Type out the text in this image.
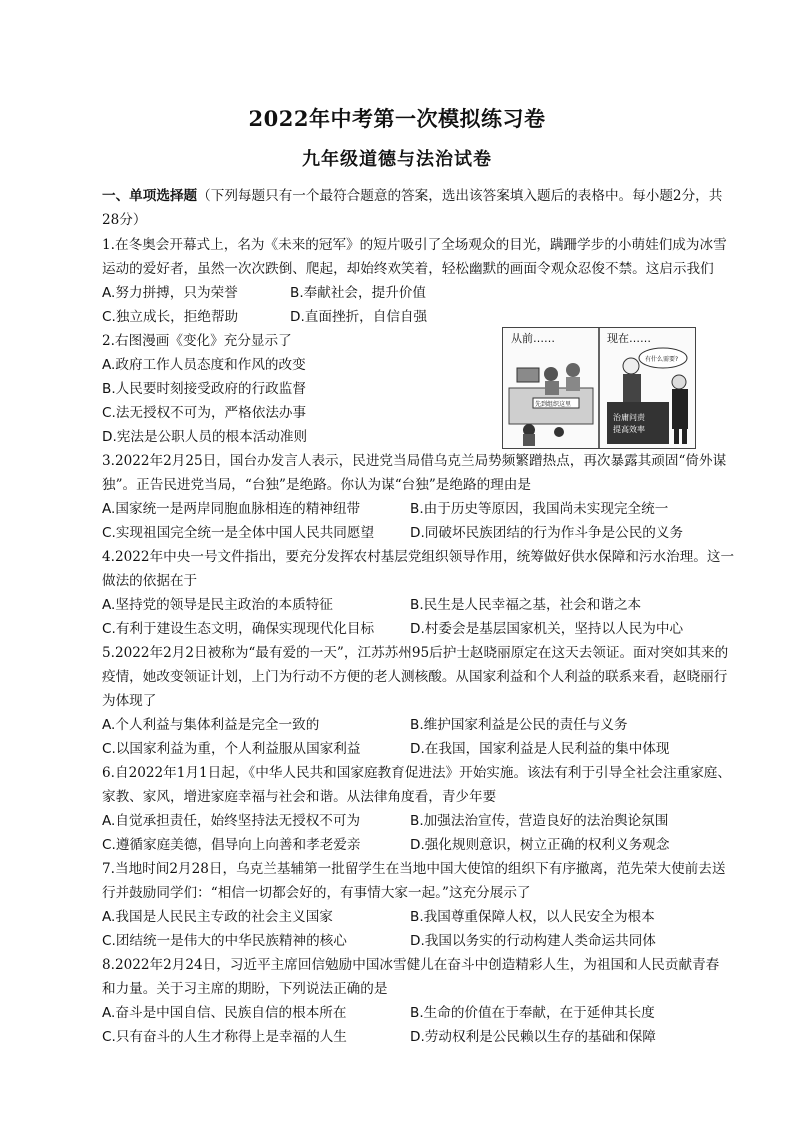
2022年中考第一次模拟练习卷
九年级道德与法治试卷
一、单项选择题（下列每题只有一个最符合题意的答案，选出该答案填入题后的表格中。每小题2分，共
28分）
1.在冬奥会开幕式上，名为《未来的冠军》的短片吸引了全场观众的目光，蹒跚学步的小萌娃们成为冰雪
运动的爱好者，虽然一次次跌倒、爬起，却始终欢笑着，轻松幽默的画面令观众忍俊不禁。这启示我们
A.努力拼搏，只为荣誉	B.奉献社会，提升价值
C.独立成长，拒绝帮助	D.直面挫折，自信自强
2.右图漫画《变化》充分显示了
A.政府工作人员态度和作风的改变
B.人民要时刻接受政府的行政监督
C.法无授权不可为，严格依法办事
D.宪法是公职人员的根本活动准则
从前……	现在……
先到组织这里
治庸问责
提高效率
有什么需要?
3.2022年2月25日，国台办发言人表示，民进党当局借乌克兰局势频繁蹭热点，再次暴露其顽固“倚外谋
独”。正告民进党当局，“台独”是绝路。你认为谋“台独”是绝路的理由是
A.国家统一是两岸同胞血脉相连的精神纽带	B.由于历史等原因，我国尚未实现完全统一
C.实现祖国完全统一是全体中国人民共同愿望	D.同破坏民族团结的行为作斗争是公民的义务
4.2022年中央一号文件指出，要充分发挥农村基层党组织领导作用，统筹做好供水保障和污水治理。这一
做法的依据在于
A.坚持党的领导是民主政治的本质特征	B.民生是人民幸福之基，社会和谐之本
C.有利于建设生态文明，确保实现现代化目标	D.村委会是基层国家机关，坚持以人民为中心
5.2022年2月2日被称为“最有爱的一天”，江苏苏州95后护士赵晓丽原定在这天去领证。面对突如其来的
疫情，她改变领证计划，上门为行动不方便的老人测核酸。从国家利益和个人利益的联系来看，赵晓丽行
为体现了
A.个人利益与集体利益是完全一致的	B.维护国家利益是公民的责任与义务
C.以国家利益为重，个人利益服从国家利益	D.在我国，国家利益是人民利益的集中体现
6.自2022年1月1日起，《中华人民共和国家庭教育促进法》开始实施。该法有利于引导全社会注重家庭、
家教、家风，增进家庭幸福与社会和谐。从法律角度看，青少年要
A.自觉承担责任，始终坚持法无授权不可为	B.加强法治宣传，营造良好的法治舆论氛围
C.遵循家庭美德，倡导向上向善和孝老爱亲	D.强化规则意识，树立正确的权利义务观念
7.当地时间2月28日，乌克兰基辅第一批留学生在当地中国大使馆的组织下有序撤离，范先荣大使前去送
行并鼓励同学们：“相信一切都会好的，有事情大家一起。”这充分展示了
A.我国是人民民主专政的社会主义国家	B.我国尊重保障人权，以人民安全为根本
C.团结统一是伟大的中华民族精神的核心	D.我国以务实的行动构建人类命运共同体
8.2022年2月24日，习近平主席回信勉励中国冰雪健儿在奋斗中创造精彩人生，为祖国和人民贡献青春
和力量。关于习主席的期盼，下列说法正确的是
A.奋斗是中国自信、民族自信的根本所在	B.生命的价值在于奉献，在于延伸其长度
C.只有奋斗的人生才称得上是幸福的人生	D.劳动权利是公民赖以生存的基础和保障
